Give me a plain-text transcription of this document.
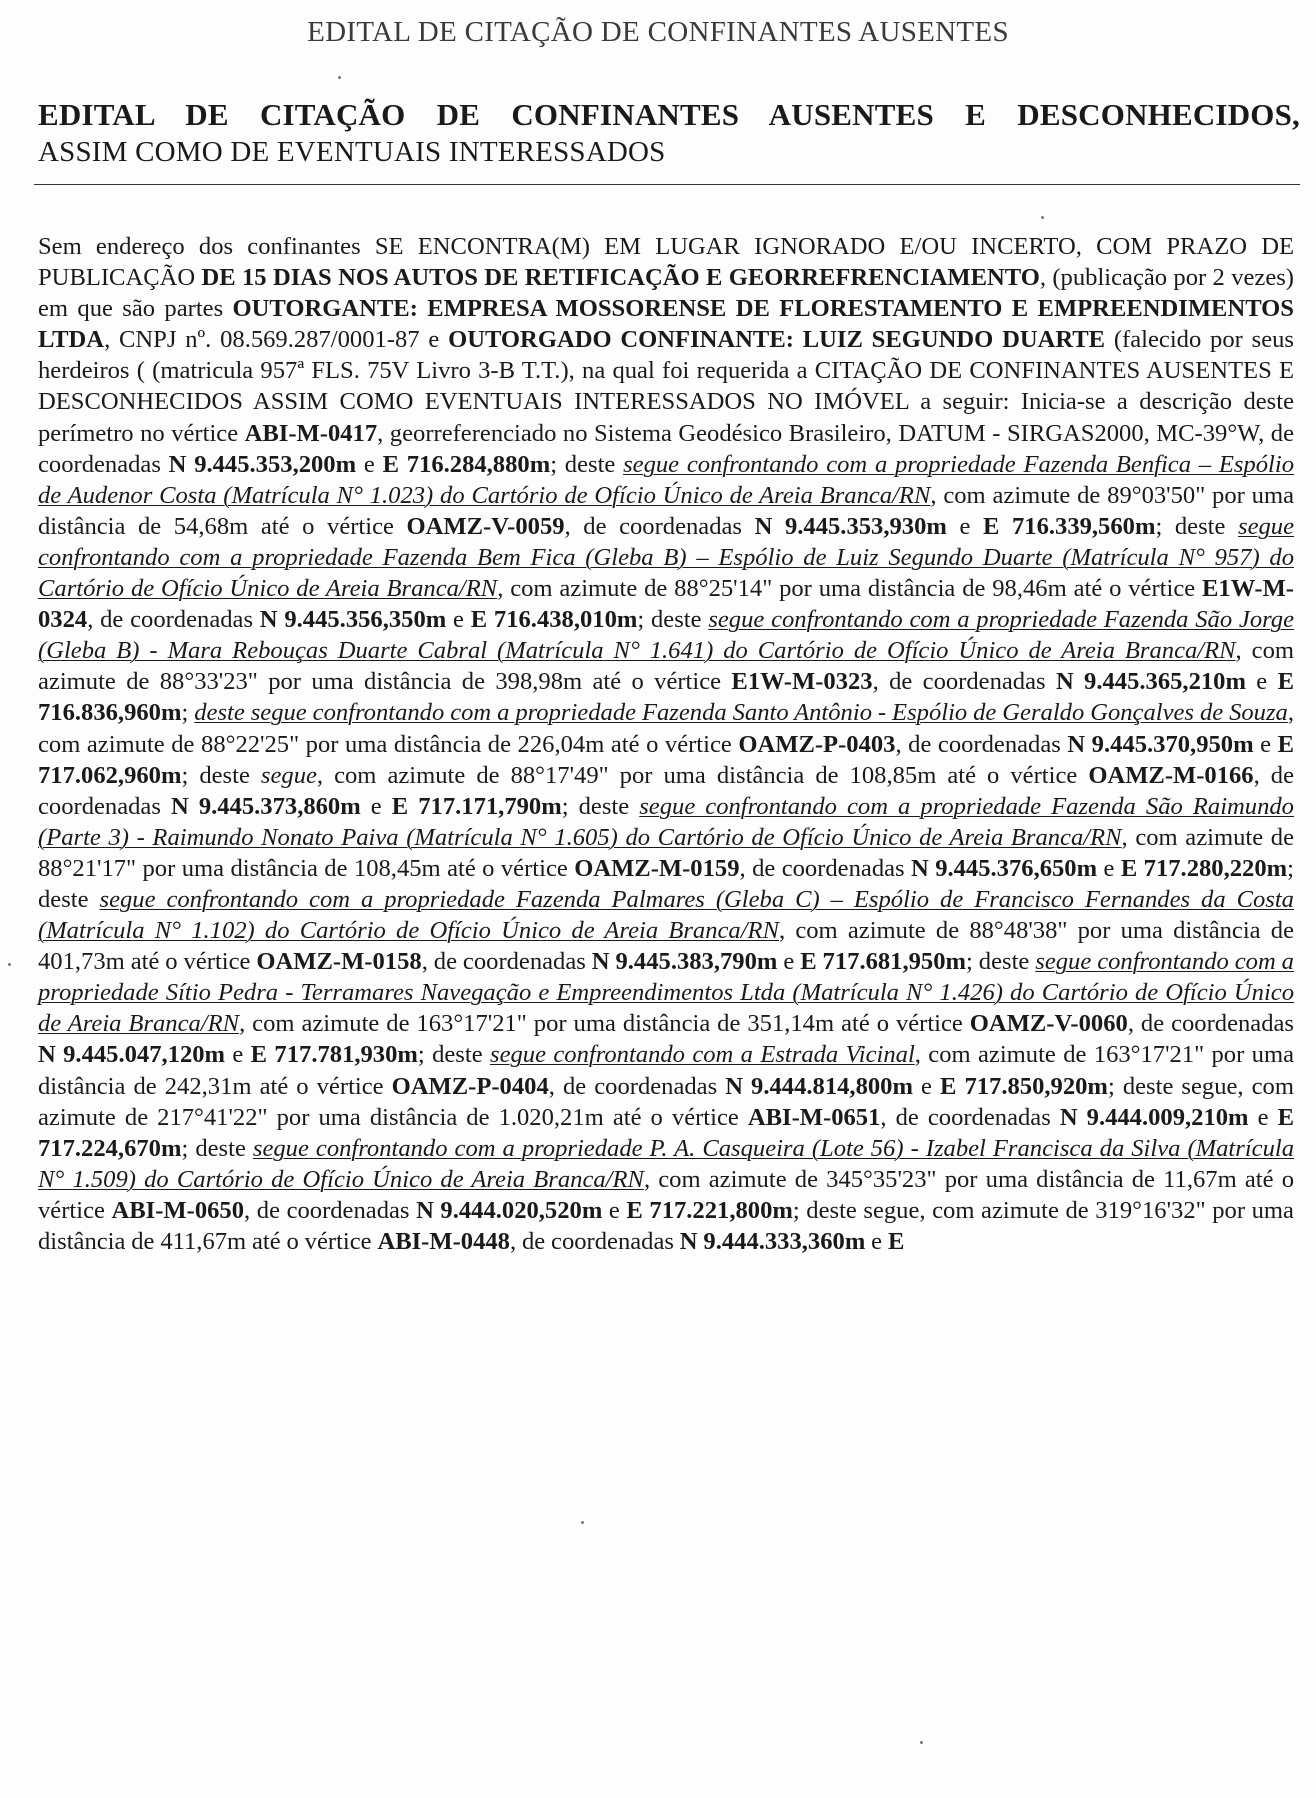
EDITAL DE CITAÇÃO DE CONFINANTES AUSENTES
EDITAL DE CITAÇÃO DE CONFINANTES AUSENTES E DESCONHECIDOS,
ASSIM COMO DE EVENTUAIS INTERESSADOS
Sem endereço dos confinantes SE ENCONTRA(M) EM LUGAR IGNORADO E/OU INCERTO, COM PRAZO DE PUBLICAÇÃO DE 15 DIAS NOS AUTOS DE RETIFICAÇÃO E GEORREFRENCIAMENTO, (publicação por 2 vezes) em que são partes OUTORGANTE: EMPRESA MOSSORENSE DE FLORESTAMENTO E EMPREENDIMENTOS LTDA, CNPJ nº. 08.569.287/0001-87 e OUTORGADO CONFINANTE: LUIZ SEGUNDO DUARTE (falecido por seus herdeiros ( (matricula 957ª FLS. 75V Livro 3-B T.T.), na qual foi requerida a CITAÇÃO DE CONFINANTES AUSENTES E DESCONHECIDOS ASSIM COMO EVENTUAIS INTERESSADOS NO IMÓVEL a seguir: Inicia-se a descrição deste perímetro no vértice ABI-M-0417, georreferenciado no Sistema Geodésico Brasileiro, DATUM - SIRGAS2000, MC-39°W, de coordenadas N 9.445.353,200m e E 716.284,880m; deste segue confrontando com a propriedade Fazenda Benfica – Espólio de Audenor Costa (Matrícula N° 1.023) do Cartório de Ofício Único de Areia Branca/RN, com azimute de 89°03'50" por uma distância de 54,68m até o vértice OAMZ-V-0059, de coordenadas N 9.445.353,930m e E 716.339,560m; deste segue confrontando com a propriedade Fazenda Bem Fica (Gleba B) – Espólio de Luiz Segundo Duarte (Matrícula N° 957) do Cartório de Ofício Único de Areia Branca/RN, com azimute de 88°25'14" por uma distância de 98,46m até o vértice E1W-M-0324, de coordenadas N 9.445.356,350m e E 716.438,010m; deste segue confrontando com a propriedade Fazenda São Jorge (Gleba B) - Mara Rebouças Duarte Cabral (Matrícula N° 1.641) do Cartório de Ofício Único de Areia Branca/RN, com azimute de 88°33'23" por uma distância de 398,98m até o vértice E1W-M-0323, de coordenadas N 9.445.365,210m e E 716.836,960m; deste segue confrontando com a propriedade Fazenda Santo Antônio - Espólio de Geraldo Gonçalves de Souza, com azimute de 88°22'25" por uma distância de 226,04m até o vértice OAMZ-P-0403, de coordenadas N 9.445.370,950m e E 717.062,960m; deste segue, com azimute de 88°17'49" por uma distância de 108,85m até o vértice OAMZ-M-0166, de coordenadas N 9.445.373,860m e E 717.171,790m; deste segue confrontando com a propriedade Fazenda São Raimundo (Parte 3) - Raimundo Nonato Paiva (Matrícula N° 1.605) do Cartório de Ofício Único de Areia Branca/RN, com azimute de 88°21'17" por uma distância de 108,45m até o vértice OAMZ-M-0159, de coordenadas N 9.445.376,650m e E 717.280,220m; deste segue confrontando com a propriedade Fazenda Palmares (Gleba C) – Espólio de Francisco Fernandes da Costa (Matrícula N° 1.102) do Cartório de Ofício Único de Areia Branca/RN, com azimute de 88°48'38" por uma distância de 401,73m até o vértice OAMZ-M-0158, de coordenadas N 9.445.383,790m e E 717.681,950m; deste segue confrontando com a propriedade Sítio Pedra - Terramares Navegação e Empreendimentos Ltda (Matrícula N° 1.426) do Cartório de Ofício Único de Areia Branca/RN, com azimute de 163°17'21" por uma distância de 351,14m até o vértice OAMZ-V-0060, de coordenadas N 9.445.047,120m e E 717.781,930m; deste segue confrontando com a Estrada Vicinal, com azimute de 163°17'21" por uma distância de 242,31m até o vértice OAMZ-P-0404, de coordenadas N 9.444.814,800m e E 717.850,920m; deste segue, com azimute de 217°41'22" por uma distância de 1.020,21m até o vértice ABI-M-0651, de coordenadas N 9.444.009,210m e E 717.224,670m; deste segue confrontando com a propriedade P. A. Casqueira (Lote 56) - Izabel Francisca da Silva (Matrícula N° 1.509) do Cartório de Ofício Único de Areia Branca/RN, com azimute de 345°35'23" por uma distância de 11,67m até o vértice ABI-M-0650, de coordenadas N 9.444.020,520m e E 717.221,800m; deste segue, com azimute de 319°16'32" por uma distância de 411,67m até o vértice ABI-M-0448, de coordenadas N 9.444.333,360m e E
